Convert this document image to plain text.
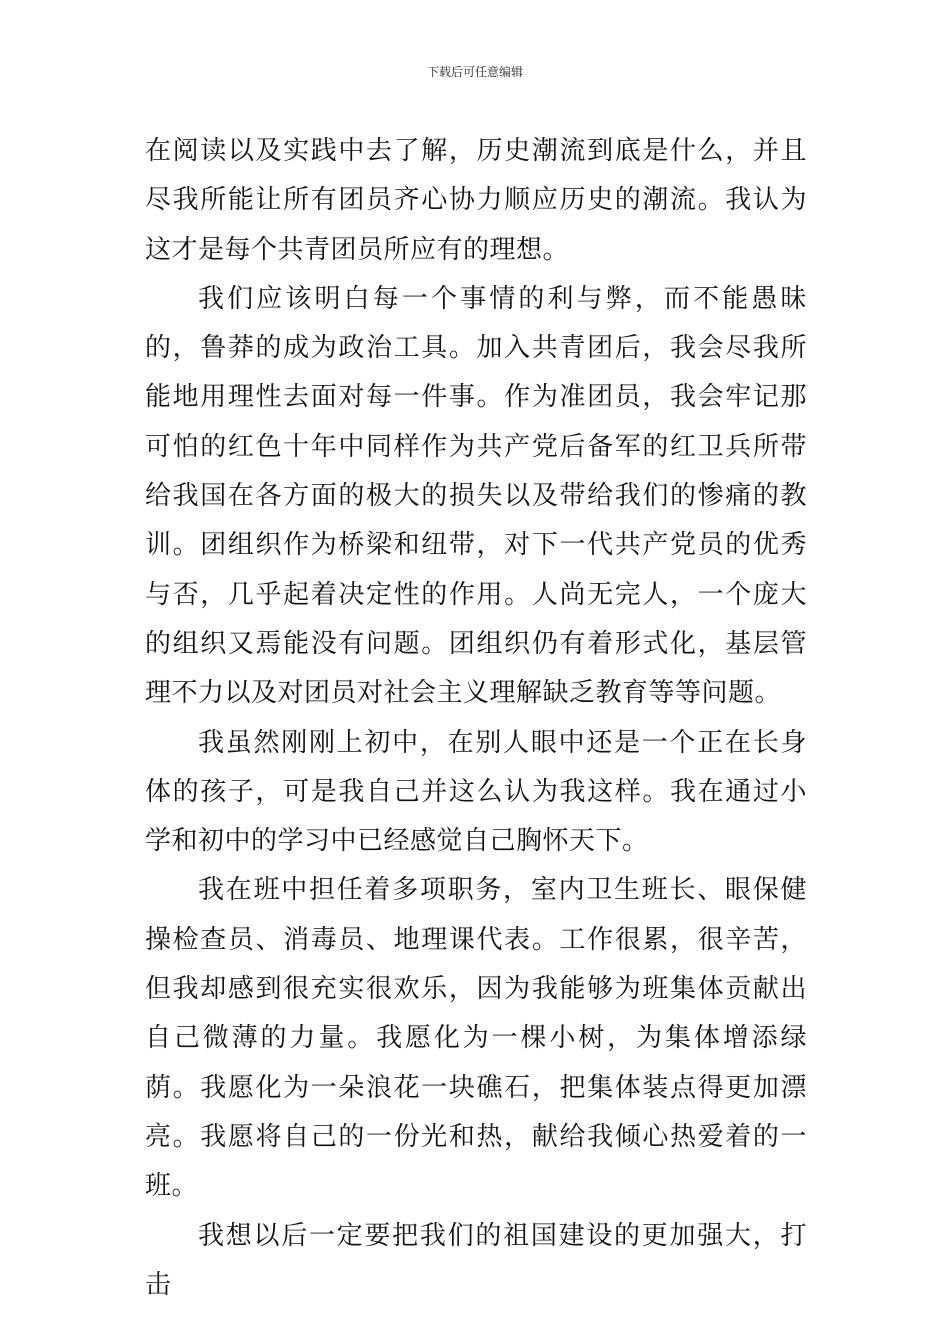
下载后可任意编辑

在阅读以及实践中去了解，历史潮流到底是什么，并且尽我所能让所有团员齐心协力顺应历史的潮流。我认为这才是每个共青团员所应有的理想。

我们应该明白每一个事情的利与弊，而不能愚昧的，鲁莽的成为政治工具。加入共青团后，我会尽我所能地用理性去面对每一件事。作为准团员，我会牢记那可怕的红色十年中同样作为共产党后备军的红卫兵所带给我国在各方面的极大的损失以及带给我们的惨痛的教训。团组织作为桥梁和纽带，对下一代共产党员的优秀与否，几乎起着决定性的作用。人尚无完人，一个庞大的组织又焉能没有问题。团组织仍有着形式化，基层管理不力以及对团员对社会主义理解缺乏教育等等问题。

我虽然刚刚上初中，在别人眼中还是一个正在长身体的孩子，可是我自己并这么认为我这样。我在通过小学和初中的学习中已经感觉自己胸怀天下。

我在班中担任着多项职务，室内卫生班长、眼保健操检查员、消毒员、地理课代表。工作很累，很辛苦，但我却感到很充实很欢乐，因为我能够为班集体贡献出自己微薄的力量。我愿化为一棵小树，为集体增添绿荫。我愿化为一朵浪花一块礁石，把集体装点得更加漂亮。我愿将自己的一份光和热，献给我倾心热爱着的一班。

我想以后一定要把我们的祖国建设的更加强大，打击
